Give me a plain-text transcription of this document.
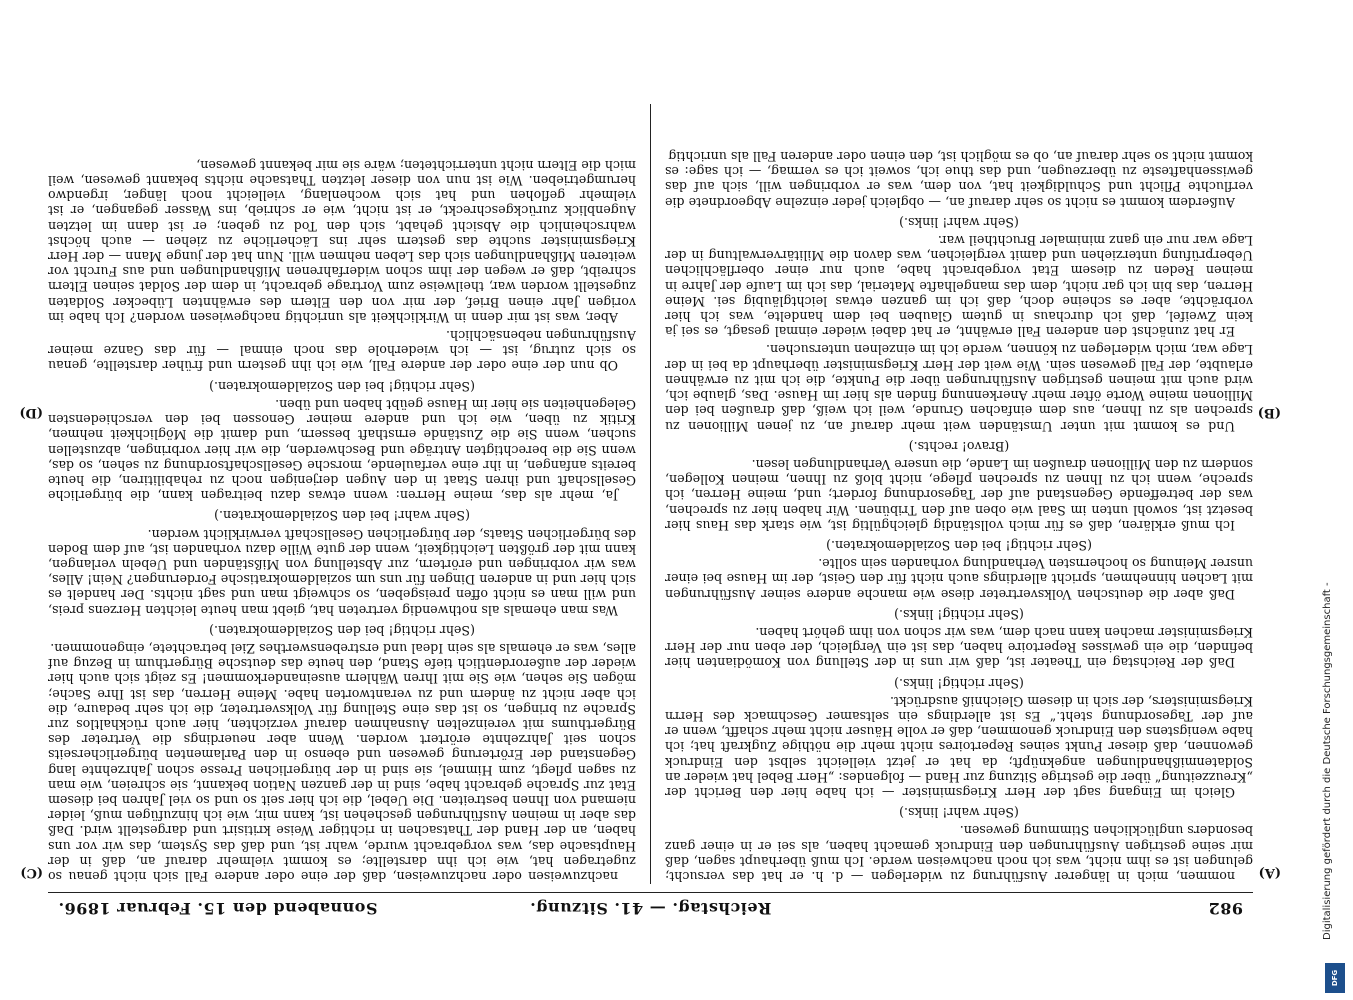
982
Reichstag. — 41. Sitzung.
Sonnabend den 15. Februar 1896.

nommen, mich in längerer Ausführung zu widerlegen — d. h. er hat das versucht; gelungen ist es ihm nicht, was ich noch nachweisen werde. Ich muß überhaupt sagen, daß mir seine gestrigen Ausführungen den Eindruck gemacht haben, als sei er in einer ganz besonders unglücklichen Stimmung gewesen.

(Sehr wahr! links.)

Gleich im Eingang sagt der Herr Kriegsminister — ich habe hier den Bericht der „Kreuzzeitung“ über die gestrige Sitzung zur Hand — folgendes: „Herr Bebel hat wieder an Soldatenmißhandlungen angeknüpft; da hat er jetzt vielleicht selbst den Eindruck gewonnen, daß dieser Punkt seines Repertoires nicht mehr die nöthige Zugkraft hat; ich habe wenigstens den Eindruck genommen, daß er volle Häuser nicht mehr schafft, wenn er auf der Tagesordnung steht.“ Es ist allerdings ein seltsamer Geschmack des Herrn Kriegsministers, der sich in diesem Gleichniß ausdrückt.

(Sehr richtig! links.)

Daß der Reichstag ein Theater ist, daß wir uns in der Stellung von Komödianten hier befinden, die ein gewisses Repertoire haben, das ist ein Vergleich, der eben nur der Herr Kriegsminister machen kann nach dem, was wir schon von ihm gehört haben.

(Sehr richtig! links.)

Daß aber die deutschen Volksvertreter diese wie manche andere seiner Ausführungen mit Lachen hinnehmen, spricht allerdings auch nicht für den Geist, der im Hause bei einer unsrer Meinung so hochernsten Verhandlung vorhanden sein sollte.

(Sehr richtig! bei den Sozialdemokraten.)

Ich muß erklären, daß es für mich vollständig gleichgültig ist, wie stark das Haus hier besetzt ist, sowohl unten im Saal wie oben auf den Tribünen. Wir haben hier zu sprechen, was der betreffende Gegenstand auf der Tagesordnung fordert; und, meine Herren, ich spreche, wenn ich zu Ihnen zu sprechen pflege, nicht bloß zu Ihnen, meinen Kollegen, sondern zu den Millionen draußen im Lande, die unsere Verhandlungen lesen.

(Bravo! rechts.)

Und es kommt mit unter Umständen weit mehr darauf an, zu jenen Millionen zu sprechen als zu Ihnen, aus dem einfachen Grunde, weil ich weiß, daß draußen bei den Millionen meine Worte öfter mehr Anerkennung finden als hier im Hause. Das, glaube ich, wird auch mit meinen gestrigen Ausführungen über die Punkte, die ich mit zu erwähnen erlaubte, der Fall gewesen sein. Wie weit der Herr Kriegsminister überhaupt da bei in der Lage war, mich widerlegen zu können, werde ich im einzelnen untersuchen.

Er hat zunächst den anderen Fall erwähnt, er hat dabei wieder einmal gesagt, es sei ja kein Zweifel, daß ich durchaus in gutem Glauben bei dem handelte, was ich hier vorbrächte, aber es scheine doch, daß ich im ganzen etwas leichtgläubig sei. Meine Herren, das bin ich gar nicht, dem das mangelhafte Material, das ich im Laufe der Jahre in meinen Reden zu diesem Etat vorgebracht habe, auch nur einer oberflächlichen Ueberprüfung unterziehen und damit vergleichen, was davon die Militärverwaltung in der Lage war nur ein ganz minimaler Bruchtheil war.

(Sehr wahr! links.)

Außerdem kommt es nicht so sehr darauf an, — obgleich jeder einzelne Abgeordnete die verfluchte Pflicht und Schuldigkeit hat, von dem, was er vorbringen will, sich auf das gewissenhafteste zu überzeugen, und das thue ich, soweit ich es vermag, — ich sage: es kommt nicht so sehr darauf an, ob es möglich ist, den einen oder anderen Fall als unrichtig

nachzuweisen oder nachzuweisen, daß der eine oder andere Fall sich nicht genau so zugetragen hat, wie ich ihn darstellte; es kommt vielmehr darauf an, daß in der Hauptsache das, was vorgebracht wurde, wahr ist, und daß das System, das wir vor uns haben, an der Hand der Thatsachen in richtiger Weise kritisirt und dargestellt wird. Daß das aber in meinen Ausführungen geschehen ist, kann mir, wie ich hinzufügen muß, leider niemand von Ihnen bestreiten. Die Uebel, die ich hier seit so und so viel Jahren bei diesem Etat zur Sprache gebracht habe, sind in der ganzen Nation bekannt, sie schreien, wie man zu sagen pflegt, zum Himmel, sie sind in der bürgerlichen Presse schon Jahrzehnte lang Gegenstand der Erörterung gewesen und ebenso in den Parlamenten bürgerlicherseits schon seit Jahrzehnte erörtert worden. Wenn aber neuerdings die Vertreter des Bürgerthums mit vereinzelten Ausnahmen darauf verzichten, hier auch rückhaltlos zur Sprache zu bringen, so ist das eine Stellung für Volksvertreter, die ich sehr bedaure, die ich aber nicht zu ändern und zu verantworten habe. Meine Herren, das ist Ihre Sache; mögen Sie sehen, wie Sie mit Ihren Wählern auseinanderkommen! Es zeigt sich auch hier wieder der außerordentlich tiefe Stand, den heute das deutsche Bürgerthum in Bezug auf alles, was er ehemals als sein Ideal und erstrebenswerthes Ziel betrachtete, eingenommen.

(Sehr richtig! bei den Sozialdemokraten.)

Was man ehemals als nothwendig vertreten hat, giebt man heute leichten Herzens preis, und will man es nicht offen preisgeben, so schweigt man und sagt nichts. Der handelt es sich hier und in anderen Dingen für uns um sozialdemokratische Forderungen? Nein! Alles, was wir vorbringen und erörtern, zur Abstellung von Mißständen und Uebeln verlangen, kann mit der größten Leichtigkeit, wenn der gute Wille dazu vorhanden ist, auf dem Boden des bürgerlichen Staats, der bürgerlichen Gesellschaft verwirklicht werden.

(Sehr wahr! bei den Sozialdemokraten.)

Ja, mehr als das, meine Herren: wenn etwas dazu beitragen kann, die bürgerliche Gesellschaft und ihren Staat in den Augen derjenigen noch zu rehabilitiren, die heute bereits anfangen, in ihr eine verfaulende, morsche Gesellschaftsordnung zu sehen, so das, wenn Sie die berechtigten Anträge und Beschwerden, die wir hier vorbringen, abzustellen suchen, wenn Sie die Zustände ernsthaft bessern, und damit die Möglichkeit nehmen, Kritik zu üben, wie ich und andere meiner Genossen bei den verschiedensten Gelegenheiten sie hier im Hause geübt haben und üben.

(Sehr richtig! bei den Sozialdemokraten.)

Ob nun der eine oder der andere Fall, wie ich ihn gestern und früher darstellte, genau so sich zutrug, ist — ich wiederhole das noch einmal — für das Ganze meiner Ausführungen nebensächlich.

Aber, was ist mir denn in Wirklichkeit als unrichtig nachgewiesen worden? Ich habe im vorigen Jahr einen Brief, der mir von den Eltern des erwähnten Lübecker Soldaten zugestellt worden war, theilweise zum Vortrage gebracht, in dem der Soldat seinen Eltern schreibt, daß er wegen der ihm schon widerfahrenen Mißhandlungen und aus Furcht vor weiteren Mißhandlungen sich das Leben nehmen will. Nun hat der junge Mann — der Herr Kriegsminister suchte das gestern sehr ins Lächerliche zu ziehen — auch höchst wahrscheinlich die Absicht gehabt, sich den Tod zu geben; er ist dann im letzten Augenblick zurückgeschreckt, er ist nicht, wie er schrieb, ins Wasser gegangen, er ist vielmehr geflohen und hat sich wochenlang, vielleicht noch länger, irgendwo herumgetrieben. Wie ist nun von dieser letzten Thatsache nichts bekannt gewesen, weil mich die Eltern nicht unterrichteten; wäre sie mir bekannt gewesen,

(A)
(B)
(C)
(D)
Digitalisierung gefördert durch die Deutsche Forschungsgemeinschaft -
DFG
